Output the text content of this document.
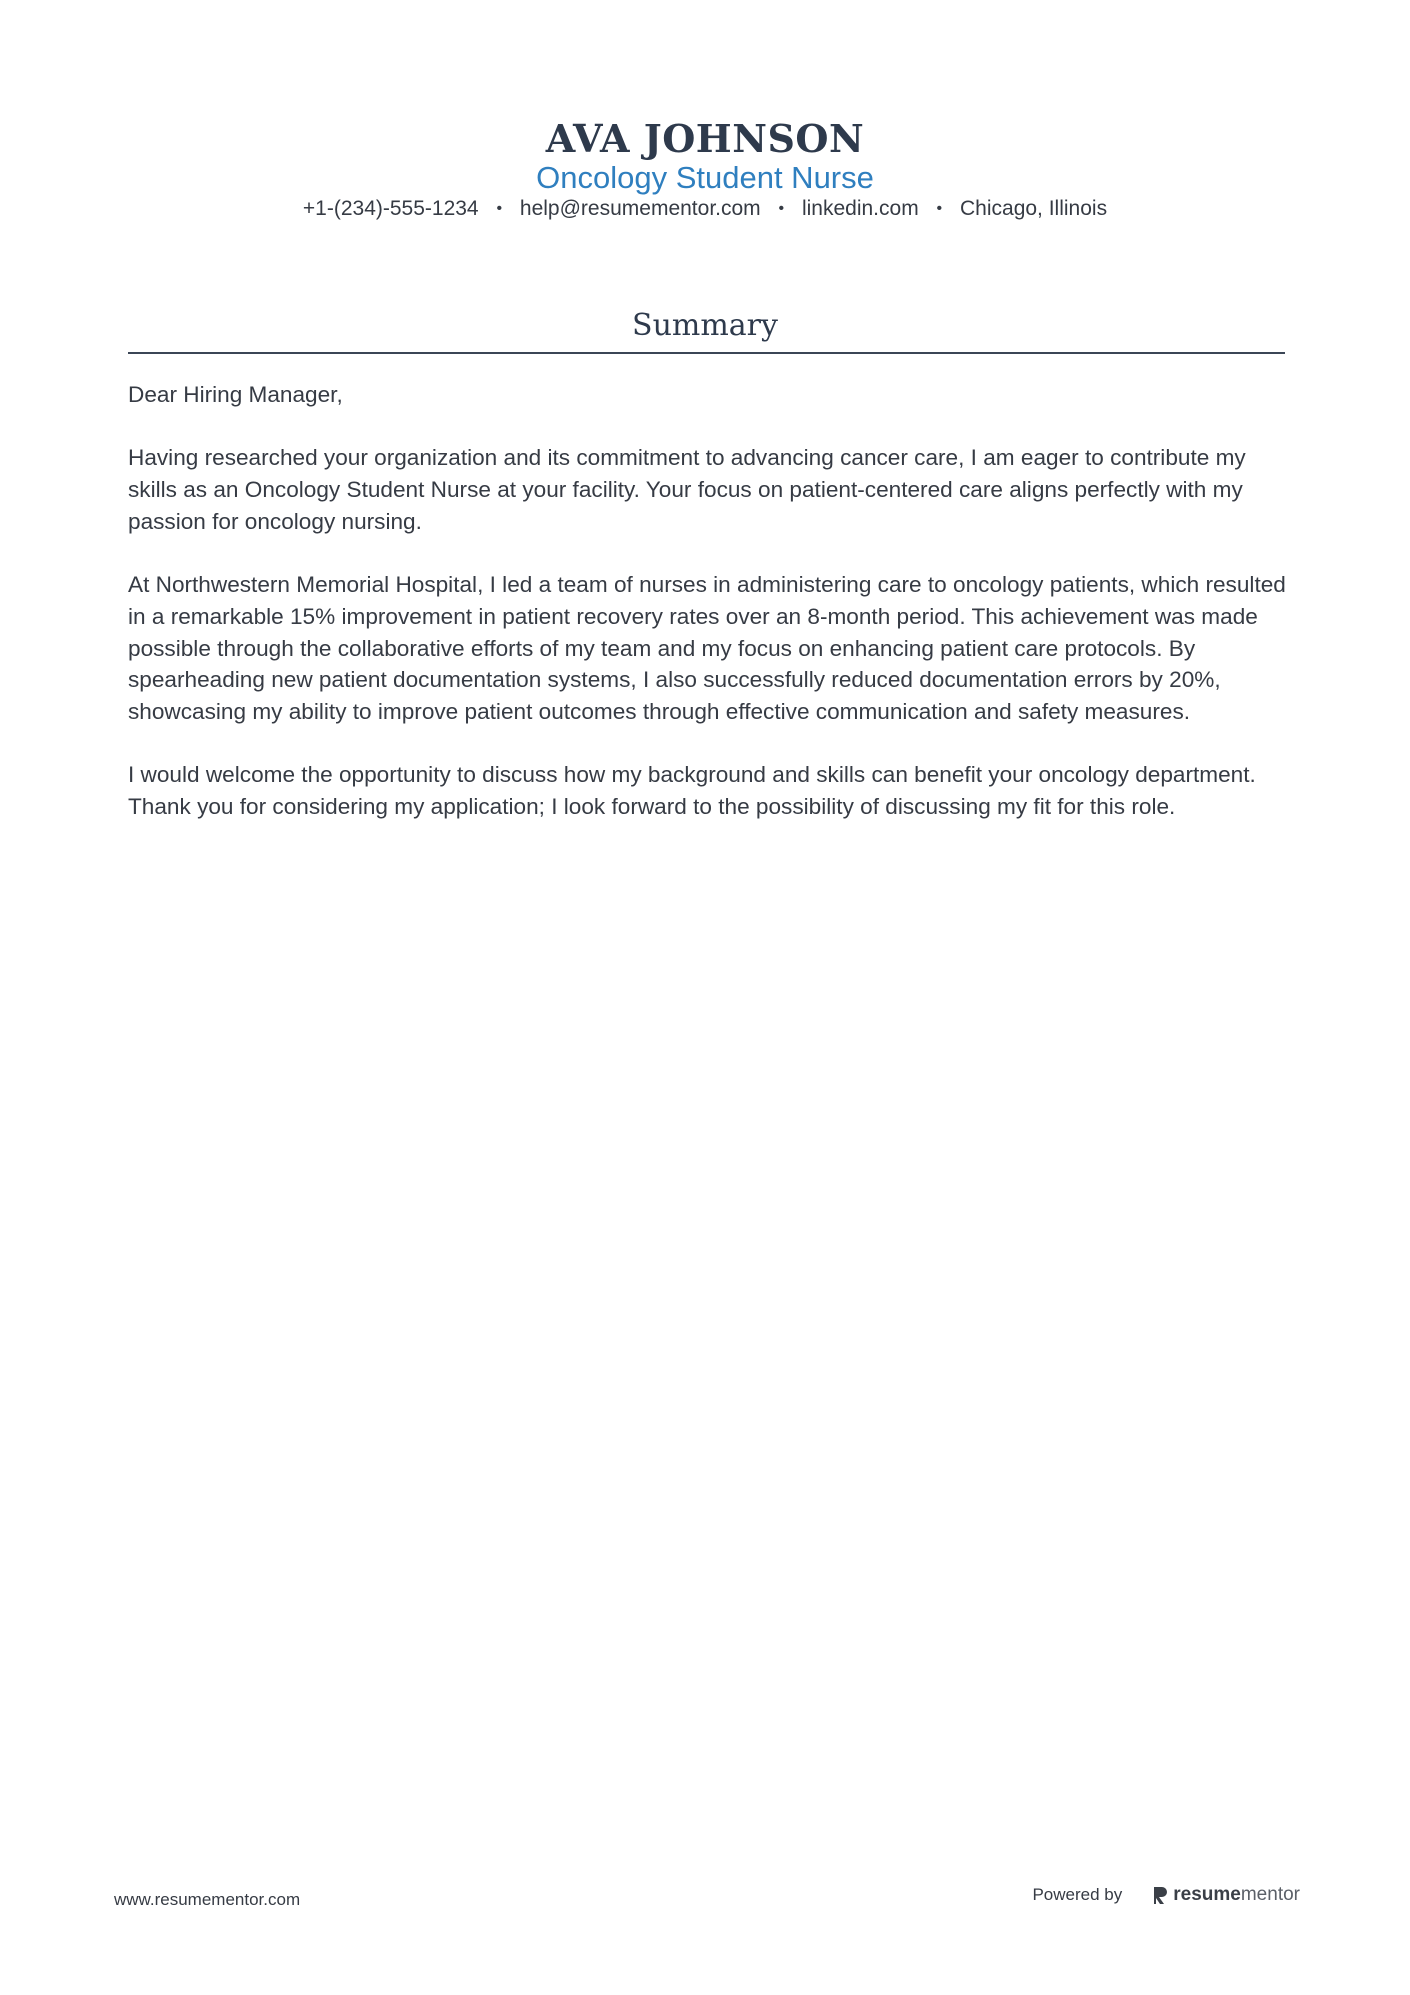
AVA JOHNSON
Oncology Student Nurse
+1-(234)-555-1234 • help@resumementor.com • linkedin.com • Chicago, Illinois
Summary

Dear Hiring Manager,

Having researched your organization and its commitment to advancing cancer care, I am eager to contribute my skills as an Oncology Student Nurse at your facility. Your focus on patient-centered care aligns perfectly with my passion for oncology nursing.

At Northwestern Memorial Hospital, I led a team of nurses in administering care to oncology patients, which resulted in a remarkable 15% improvement in patient recovery rates over an 8-month period. This achievement was made possible through the collaborative efforts of my team and my focus on enhancing patient care protocols. By spearheading new patient documentation systems, I also successfully reduced documentation errors by 20%, showcasing my ability to improve patient outcomes through effective communication and safety measures.

I would welcome the opportunity to discuss how my background and skills can benefit your oncology department. Thank you for considering my application; I look forward to the possibility of discussing my fit for this role.

www.resumementor.com	Powered by	resume mentor
